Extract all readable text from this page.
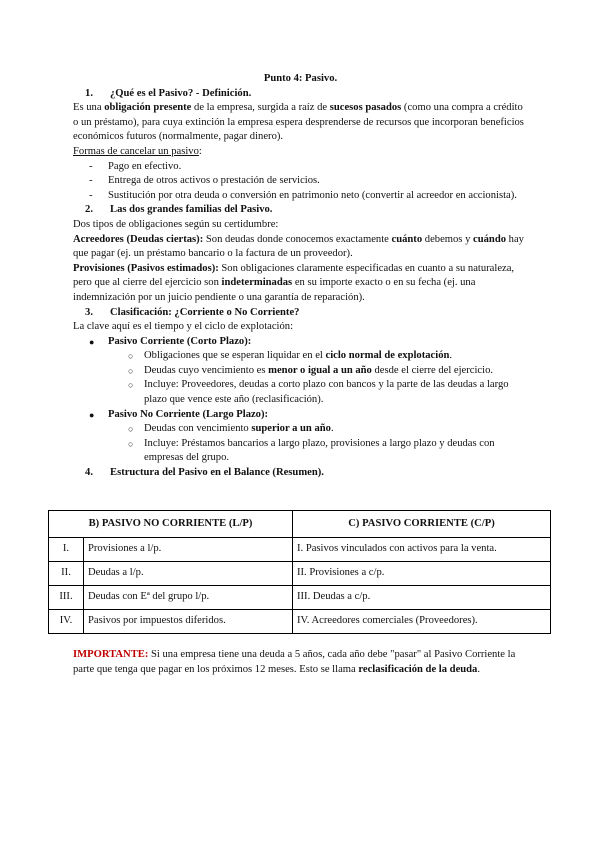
Punto 4: Pasivo.

1.	¿Qué es el Pasivo? - Definición.

Es una obligación presente de la empresa, surgida a raíz de sucesos pasados (como una compra a crédito o un préstamo), para cuya extinción la empresa espera desprenderse de recursos que incorporan beneficios económicos futuros (normalmente, pagar dinero).

Formas de cancelar un pasivo:

-	Pago en efectivo.
-	Entrega de otros activos o prestación de servicios.
-	Sustitución por otra deuda o conversión en patrimonio neto (convertir al acreedor en accionista).
2.	Las dos grandes familias del Pasivo.

Dos tipos de obligaciones según su certidumbre:

Acreedores (Deudas ciertas): Son deudas donde conocemos exactamente cuánto debemos y cuándo hay que pagar (ej. un préstamo bancario o la factura de un proveedor).

Provisiones (Pasivos estimados): Son obligaciones claramente especificadas en cuanto a su naturaleza, pero que al cierre del ejercicio son indeterminadas en su importe exacto o en su fecha (ej. una indemnización por un juicio pendiente o una garantía de reparación).

3.	Clasificación: ¿Corriente o No Corriente?

La clave aquí es el tiempo y el ciclo de explotación:

●	Pasivo Corriente (Corto Plazo):
○ Obligaciones que se esperan liquidar en el ciclo normal de explotación.
○ Deudas cuyo vencimiento es menor o igual a un año desde el cierre del ejercicio.
○ Incluye: Proveedores, deudas a corto plazo con bancos y la parte de las deudas a largo plazo que vence este año (reclasificación).
●	Pasivo No Corriente (Largo Plazo):
○ Deudas con vencimiento superior a un año.
○ Incluye: Préstamos bancarios a largo plazo, provisiones a largo plazo y deudas con empresas del grupo.
4.	Estructura del Pasivo en el Balance (Resumen).
B) PASIVO NO CORRIENTE (L/P)		C) PASIVO CORRIENTE (C/P)
I.	Provisiones a l/p.	I. Pasivos vinculados con activos para la venta.
II.	Deudas a l/p.	II. Provisiones a c/p.
III.	Deudas con Eª del grupo l/p.	III. Deudas a c/p.
IV.	Pasivos por impuestos diferidos.	IV. Acreedores comerciales (Proveedores).

IMPORTANTE: Si una empresa tiene una deuda a 5 años, cada año debe "pasar" al Pasivo Corriente la parte que tenga que pagar en los próximos 12 meses. Esto se llama reclasificación de la deuda.
